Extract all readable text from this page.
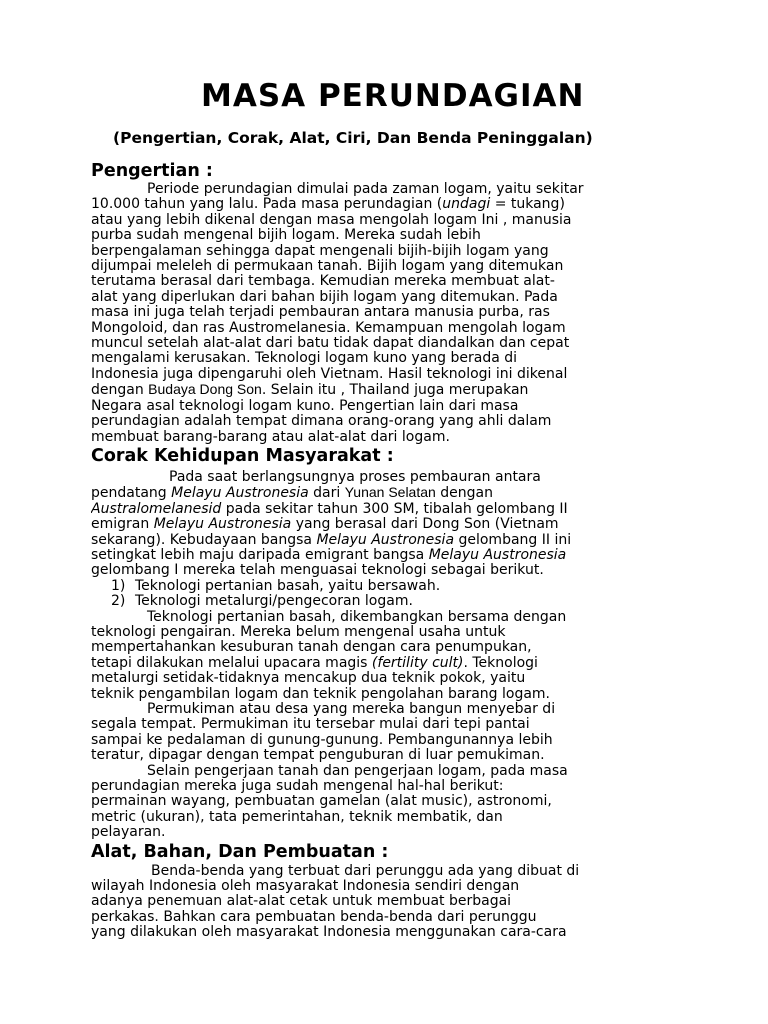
MASA PERUNDAGIAN
(Pengertian, Corak, Alat, Ciri, Dan Benda Peninggalan)
Pengertian :
Periode perundagian dimulai pada zaman logam, yaitu sekitar
10.000 tahun yang lalu. Pada masa perundagian (undagi = tukang)
atau yang lebih dikenal dengan masa mengolah logam Ini , manusia
purba sudah mengenal bijih logam. Mereka sudah lebih
berpengalaman sehingga dapat mengenali bijih-bijih logam yang
dijumpai meleleh di permukaan tanah. Bijih logam yang ditemukan
terutama berasal dari tembaga. Kemudian mereka membuat alat-
alat yang diperlukan dari bahan bijih logam yang ditemukan. Pada
masa ini juga telah terjadi pembauran antara manusia purba, ras
Mongoloid, dan ras Austromelanesia. Kemampuan mengolah logam
muncul setelah alat-alat dari batu tidak dapat diandalkan dan cepat
mengalami kerusakan. Teknologi logam kuno yang berada di
Indonesia juga dipengaruhi oleh Vietnam. Hasil teknologi ini dikenal
dengan Budaya Dong Son. Selain itu , Thailand juga merupakan
Negara asal teknologi logam kuno. Pengertian lain dari masa
perundagian adalah tempat dimana orang-orang yang ahli dalam
membuat barang-barang atau alat-alat dari logam.
Corak Kehidupan Masyarakat :
Pada saat berlangsungnya proses pembauran antara
pendatang Melayu Austronesia dari Yunan Selatan dengan
Australomelanesid pada sekitar tahun 300 SM, tibalah gelombang II
emigran Melayu Austronesia yang berasal dari Dong Son (Vietnam
sekarang). Kebudayaan bangsa Melayu Austronesia gelombang II ini
setingkat lebih maju daripada emigrant bangsa Melayu Austronesia
gelombang I mereka telah menguasai teknologi sebagai berikut.
1) Teknologi pertanian basah, yaitu bersawah.
2) Teknologi metalurgi/pengecoran logam.
Teknologi pertanian basah, dikembangkan bersama dengan
teknologi pengairan. Mereka belum mengenal usaha untuk
mempertahankan kesuburan tanah dengan cara penumpukan,
tetapi dilakukan melalui upacara magis (fertility cult). Teknologi
metalurgi setidak-tidaknya mencakup dua teknik pokok, yaitu
teknik pengambilan logam dan teknik pengolahan barang logam.
Permukiman atau desa yang mereka bangun menyebar di
segala tempat. Permukiman itu tersebar mulai dari tepi pantai
sampai ke pedalaman di gunung-gunung. Pembangunannya lebih
teratur, dipagar dengan tempat penguburan di luar pemukiman.
Selain pengerjaan tanah dan pengerjaan logam, pada masa
perundagian mereka juga sudah mengenal hal-hal berikut:
permainan wayang, pembuatan gamelan (alat music), astronomi,
metric (ukuran), tata pemerintahan, teknik membatik, dan
pelayaran.
Alat, Bahan, Dan Pembuatan :
Benda-benda yang terbuat dari perunggu ada yang dibuat di
wilayah Indonesia oleh masyarakat Indonesia sendiri dengan
adanya penemuan alat-alat cetak untuk membuat berbagai
perkakas. Bahkan cara pembuatan benda-benda dari perunggu
yang dilakukan oleh masyarakat Indonesia menggunakan cara-cara
